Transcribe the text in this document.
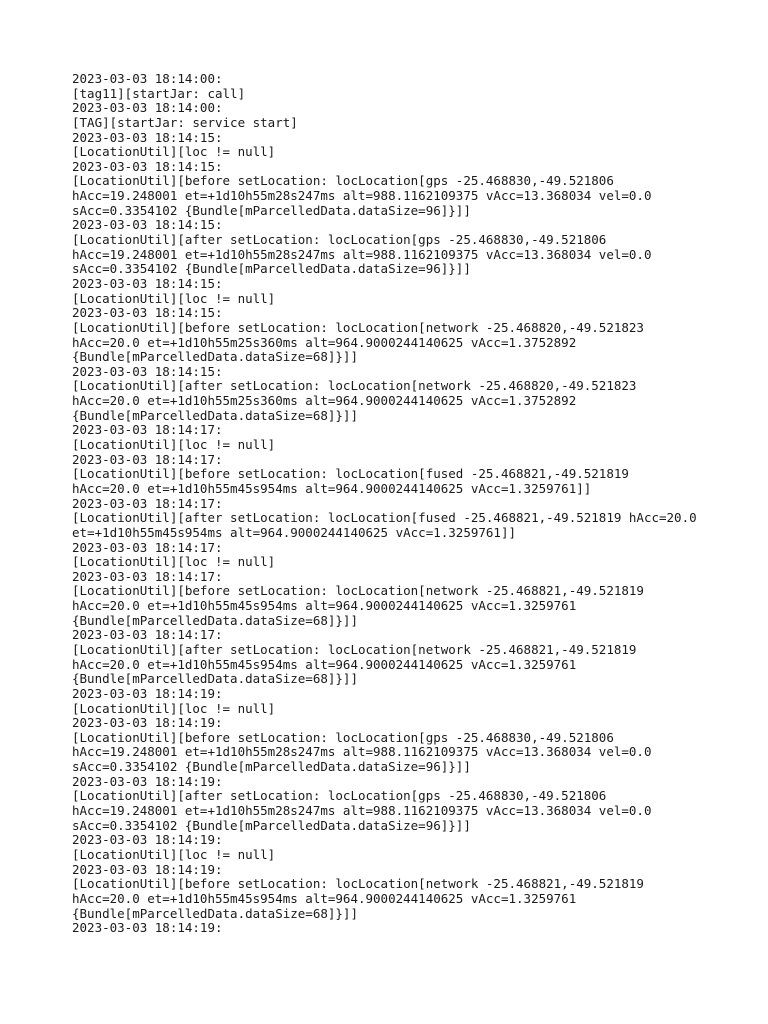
2023-03-03 18:14:00:
[tag11][startJar: call]
2023-03-03 18:14:00:
[TAG][startJar: service start]
2023-03-03 18:14:15:
[LocationUtil][loc != null]
2023-03-03 18:14:15:
[LocationUtil][before setLocation: locLocation[gps -25.468830,-49.521806
hAcc=19.248001 et=+1d10h55m28s247ms alt=988.1162109375 vAcc=13.368034 vel=0.0
sAcc=0.3354102 {Bundle[mParcelledData.dataSize=96]}]]
2023-03-03 18:14:15:
[LocationUtil][after setLocation: locLocation[gps -25.468830,-49.521806
hAcc=19.248001 et=+1d10h55m28s247ms alt=988.1162109375 vAcc=13.368034 vel=0.0
sAcc=0.3354102 {Bundle[mParcelledData.dataSize=96]}]]
2023-03-03 18:14:15:
[LocationUtil][loc != null]
2023-03-03 18:14:15:
[LocationUtil][before setLocation: locLocation[network -25.468820,-49.521823
hAcc=20.0 et=+1d10h55m25s360ms alt=964.9000244140625 vAcc=1.3752892
{Bundle[mParcelledData.dataSize=68]}]]
2023-03-03 18:14:15:
[LocationUtil][after setLocation: locLocation[network -25.468820,-49.521823
hAcc=20.0 et=+1d10h55m25s360ms alt=964.9000244140625 vAcc=1.3752892
{Bundle[mParcelledData.dataSize=68]}]]
2023-03-03 18:14:17:
[LocationUtil][loc != null]
2023-03-03 18:14:17:
[LocationUtil][before setLocation: locLocation[fused -25.468821,-49.521819
hAcc=20.0 et=+1d10h55m45s954ms alt=964.9000244140625 vAcc=1.3259761]]
2023-03-03 18:14:17:
[LocationUtil][after setLocation: locLocation[fused -25.468821,-49.521819 hAcc=20.0
et=+1d10h55m45s954ms alt=964.9000244140625 vAcc=1.3259761]]
2023-03-03 18:14:17:
[LocationUtil][loc != null]
2023-03-03 18:14:17:
[LocationUtil][before setLocation: locLocation[network -25.468821,-49.521819
hAcc=20.0 et=+1d10h55m45s954ms alt=964.9000244140625 vAcc=1.3259761
{Bundle[mParcelledData.dataSize=68]}]]
2023-03-03 18:14:17:
[LocationUtil][after setLocation: locLocation[network -25.468821,-49.521819
hAcc=20.0 et=+1d10h55m45s954ms alt=964.9000244140625 vAcc=1.3259761
{Bundle[mParcelledData.dataSize=68]}]]
2023-03-03 18:14:19:
[LocationUtil][loc != null]
2023-03-03 18:14:19:
[LocationUtil][before setLocation: locLocation[gps -25.468830,-49.521806
hAcc=19.248001 et=+1d10h55m28s247ms alt=988.1162109375 vAcc=13.368034 vel=0.0
sAcc=0.3354102 {Bundle[mParcelledData.dataSize=96]}]]
2023-03-03 18:14:19:
[LocationUtil][after setLocation: locLocation[gps -25.468830,-49.521806
hAcc=19.248001 et=+1d10h55m28s247ms alt=988.1162109375 vAcc=13.368034 vel=0.0
sAcc=0.3354102 {Bundle[mParcelledData.dataSize=96]}]]
2023-03-03 18:14:19:
[LocationUtil][loc != null]
2023-03-03 18:14:19:
[LocationUtil][before setLocation: locLocation[network -25.468821,-49.521819
hAcc=20.0 et=+1d10h55m45s954ms alt=964.9000244140625 vAcc=1.3259761
{Bundle[mParcelledData.dataSize=68]}]]
2023-03-03 18:14:19:
